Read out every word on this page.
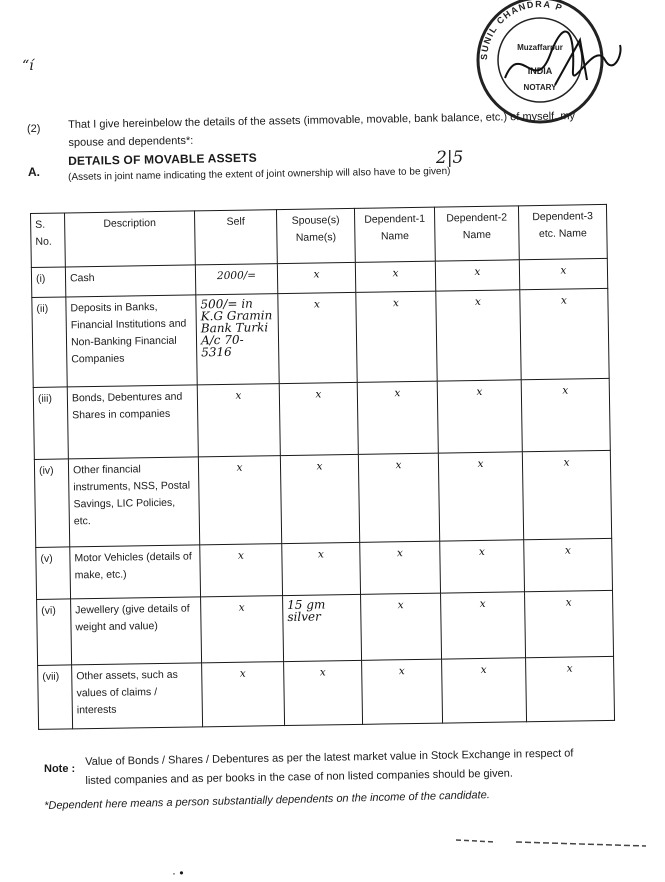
“í
SUNIL CHANDRA P
Muzaffarpur
INDIA
NOTARY
(2)	That I give hereinbelow the details of the assets (immovable, movable, bank balance, etc.) of myself, my spouse and dependents*:
2|5
A.
DETAILS OF MOVABLE ASSETS
(Assets in joint name indicating the extent of joint ownership will also have to be given)
S. No.	Description	Self	Spouse(s) Name(s)	Dependent-1 Name	Dependent-2 Name	Dependent-3 etc. Name
(i)	Cash	2000/=	x	x	x	x
(ii)	Deposits in Banks, Financial Institutions and Non-Banking Financial Companies	500/= in K.G Gramin Bank Turki A/c 70-5316	x	x	x	x
(iii)	Bonds, Debentures and Shares in companies	x	x	x	x	x
(iv)	Other financial instruments, NSS, Postal Savings, LIC Policies, etc.	x	x	x	x	x
(v)	Motor Vehicles (details of make, etc.)	x	x	x	x	x
(vi)	Jewellery (give details of weight and value)	x	15 gm silver	x	x	x
(vii)	Other assets, such as values of claims / interests	x	x	x	x	x
Note :
Value of Bonds / Shares / Debentures as per the latest market value in Stock Exchange in respect of listed companies and as per books in the case of non listed companies should be given.
*Dependent here means a person substantially dependents on the income of the candidate.
· •
